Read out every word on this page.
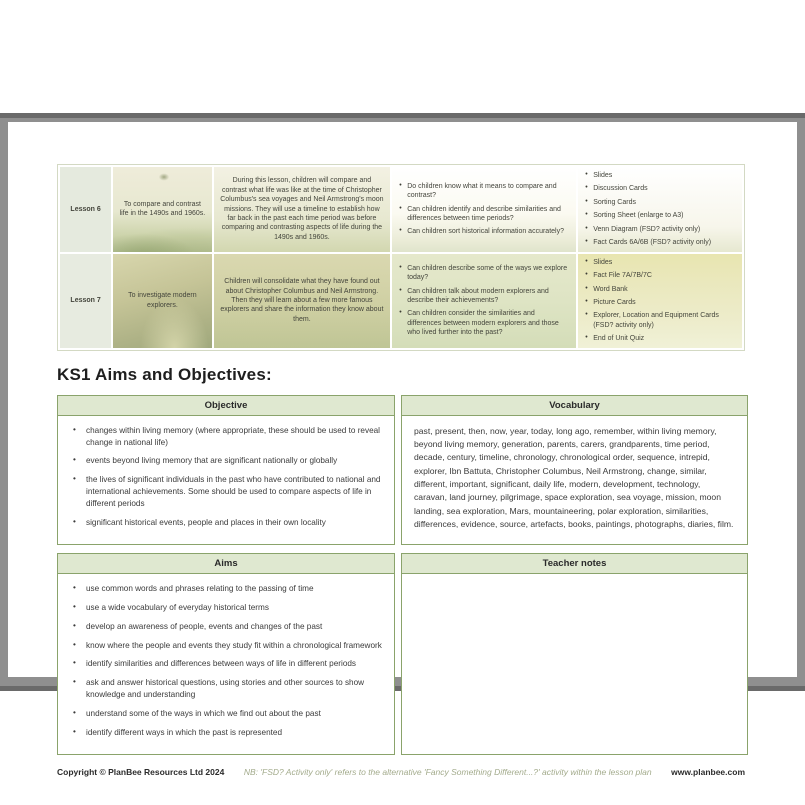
Lesson 6	To compare and contrast life in the 1490s and 1960s.	During this lesson, children will compare and contrast what life was like at the time of Christopher Columbus's sea voyages and Neil Armstrong's moon missions. They will use a timeline to establish how far back in the past each time period was before comparing and contrasting aspects of life during the 1490s and 1960s.	
• Do children know what it means to compare and contrast?
• Can children identify and describe similarities and differences between time periods?
• Can children sort historical information accurately?

• Slides
• Discussion Cards
• Sorting Cards
• Sorting Sheet (enlarge to A3)
• Venn Diagram (FSD? activity only)
• Fact Cards 6A/6B (FSD? activity only)

Lesson 7	To investigate modern explorers.	Children will consolidate what they have found out about Christopher Columbus and Neil Armstrong. Then they will learn about a few more famous explorers and share the information they know about them.	
• Can children describe some of the ways we explore today?
• Can children talk about modern explorers and describe their achievements?
• Can children consider the similarities and differences between modern explorers and those who lived further into the past?

• Slides
• Fact File 7A/7B/7C
• Word Bank
• Picture Cards
• Explorer, Location and Equipment Cards (FSD? activity only)
• End of Unit Quiz
KS1 Aims and Objectives:
Objective
• changes within living memory (where appropriate, these should be used to reveal change in national life)
• events beyond living memory that are significant nationally or globally
• the lives of significant individuals in the past who have contributed to national and international achievements. Some should be used to compare aspects of life in different periods
• significant historical events, people and places in their own locality
Vocabulary

past, present, then, now, year, today, long ago, remember, within living memory, beyond living memory, generation, parents, carers, grandparents, time period, decade, century, timeline, chronology, chronological order, sequence, intrepid, explorer, Ibn Battuta, Christopher Columbus, Neil Armstrong, change, similar, different, important, significant, daily life, modern, development, technology, caravan, land journey, pilgrimage, space exploration, sea voyage, mission, moon landing, sea exploration, Mars, mountaineering, polar exploration, similarities, differences, evidence, source, artefacts, books, paintings, photographs, diaries, film.

Aims
• use common words and phrases relating to the passing of time
• use a wide vocabulary of everyday historical terms
• develop an awareness of people, events and changes of the past
• know where the people and events they study fit within a chronological framework
• identify similarities and differences between ways of life in different periods
• ask and answer historical questions, using stories and other sources to show knowledge and understanding
• understand some of the ways in which we find out about the past
• identify different ways in which the past is represented
Teacher notes
Copyright © PlanBee Resources Ltd 2024	NB: 'FSD? Activity only' refers to the alternative 'Fancy Something Different...?' activity within the lesson plan	www.planbee.com
